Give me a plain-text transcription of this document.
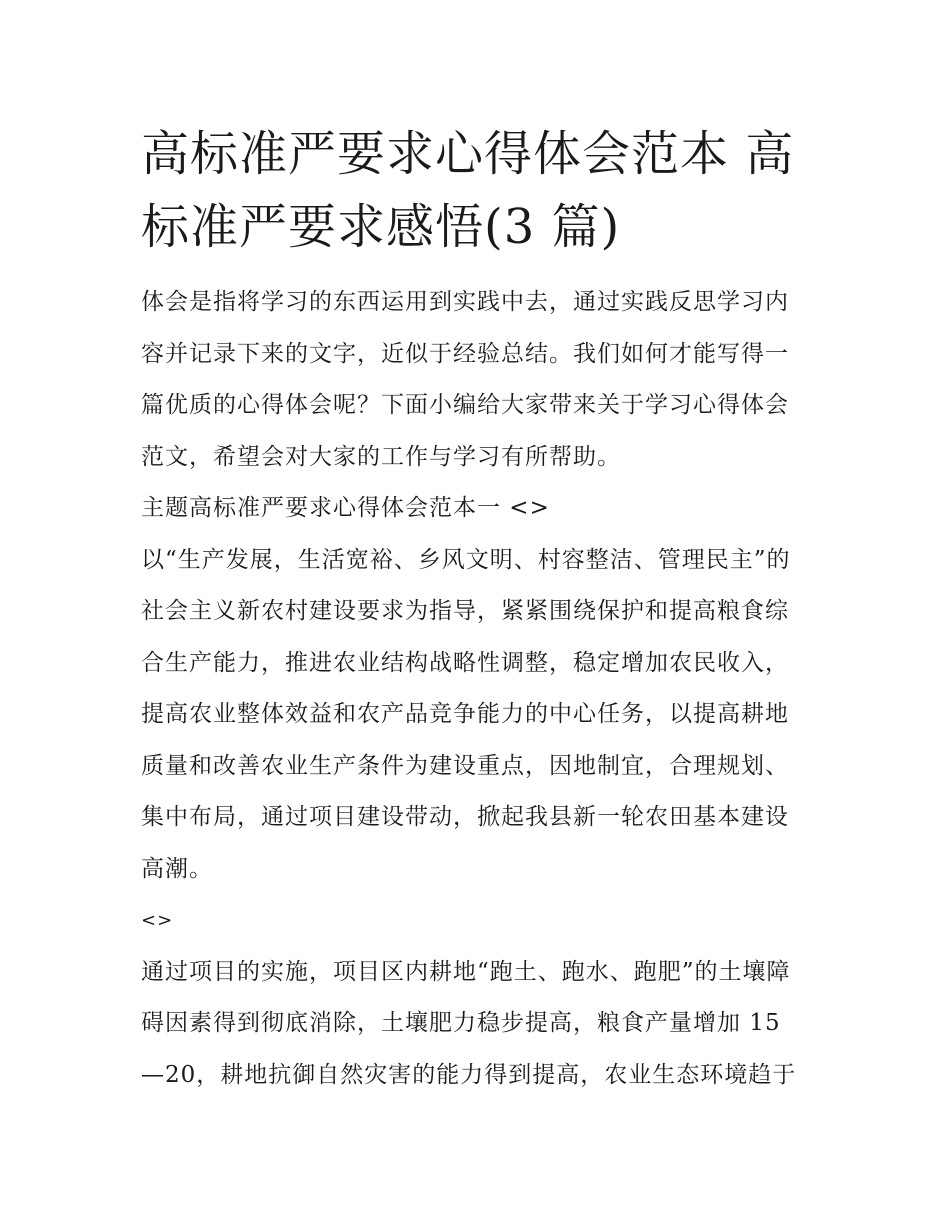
高标准严要求心得体会范本 高
标准严要求感悟(3 篇)

体会是指将学习的东西运用到实践中去，通过实践反思学习内
容并记录下来的文字，近似于经验总结。我们如何才能写得一
篇优质的心得体会呢？下面小编给大家带来关于学习心得体会
范文，希望会对大家的工作与学习有所帮助。

主题高标准严要求心得体会范本一 <>

以“生产发展，生活宽裕、乡风文明、村容整洁、管理民主”的
社会主义新农村建设要求为指导，紧紧围绕保护和提高粮食综
合生产能力，推进农业结构战略性调整，稳定增加农民收入，
提高农业整体效益和农产品竞争能力的中心任务，以提高耕地
质量和改善农业生产条件为建设重点，因地制宜，合理规划、
集中布局，通过项目建设带动，掀起我县新一轮农田基本建设
高潮。

<>

通过项目的实施，项目区内耕地“跑土、跑水、跑肥”的土壤障
碍因素得到彻底消除，土壤肥力稳步提高，粮食产量增加 15
—20，耕地抗御自然灾害的能力得到提高，农业生态环境趋于
